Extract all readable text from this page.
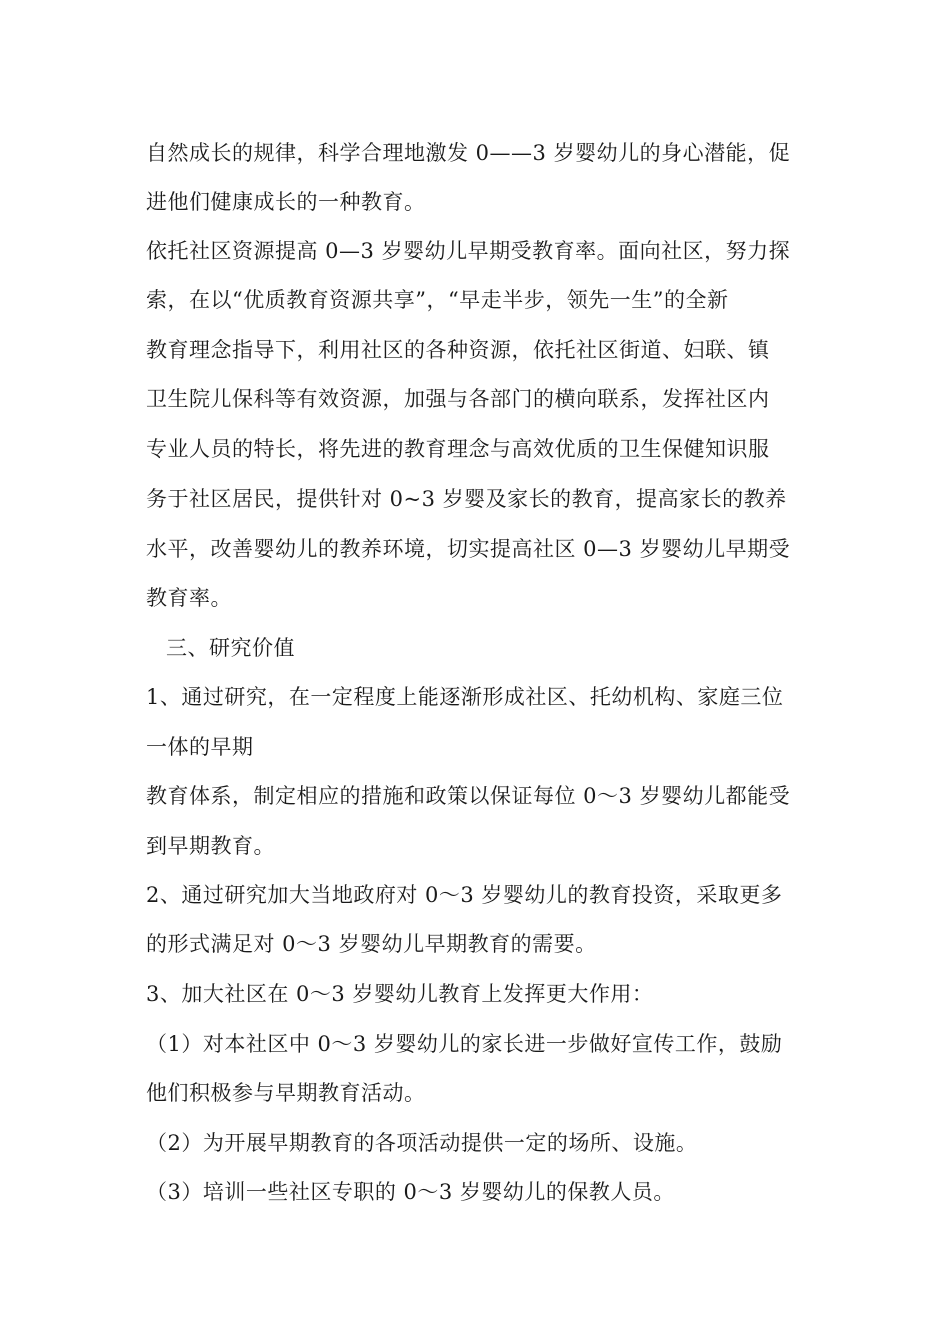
自然成长的规律，科学合理地激发 0——3 岁婴幼儿的身心潜能，促

进他们健康成长的一种教育。

依托社区资源提高 0—3 岁婴幼儿早期受教育率。面向社区，努力探

索，在以“优质教育资源共享”，“早走半步，领先一生”的全新

教育理念指导下，利用社区的各种资源，依托社区街道、妇联、镇

卫生院儿保科等有效资源，加强与各部门的横向联系，发挥社区内

专业人员的特长，将先进的教育理念与高效优质的卫生保健知识服

务于社区居民，提供针对 0~3 岁婴及家长的教育，提高家长的教养

水平，改善婴幼儿的教养环境，切实提高社区 0—3 岁婴幼儿早期受

教育率。

三、研究价值

1、通过研究，在一定程度上能逐渐形成社区、托幼机构、家庭三位

一体的早期

教育体系，制定相应的措施和政策以保证每位 0～3 岁婴幼儿都能受

到早期教育。

2、通过研究加大当地政府对 0～3 岁婴幼儿的教育投资，采取更多

的形式满足对 0～3 岁婴幼儿早期教育的需要。

3、加大社区在 0～3 岁婴幼儿教育上发挥更大作用：

（1）对本社区中 0～3 岁婴幼儿的家长进一步做好宣传工作，鼓励

他们积极参与早期教育活动。

（2）为开展早期教育的各项活动提供一定的场所、设施。

（3）培训一些社区专职的 0～3 岁婴幼儿的保教人员。
